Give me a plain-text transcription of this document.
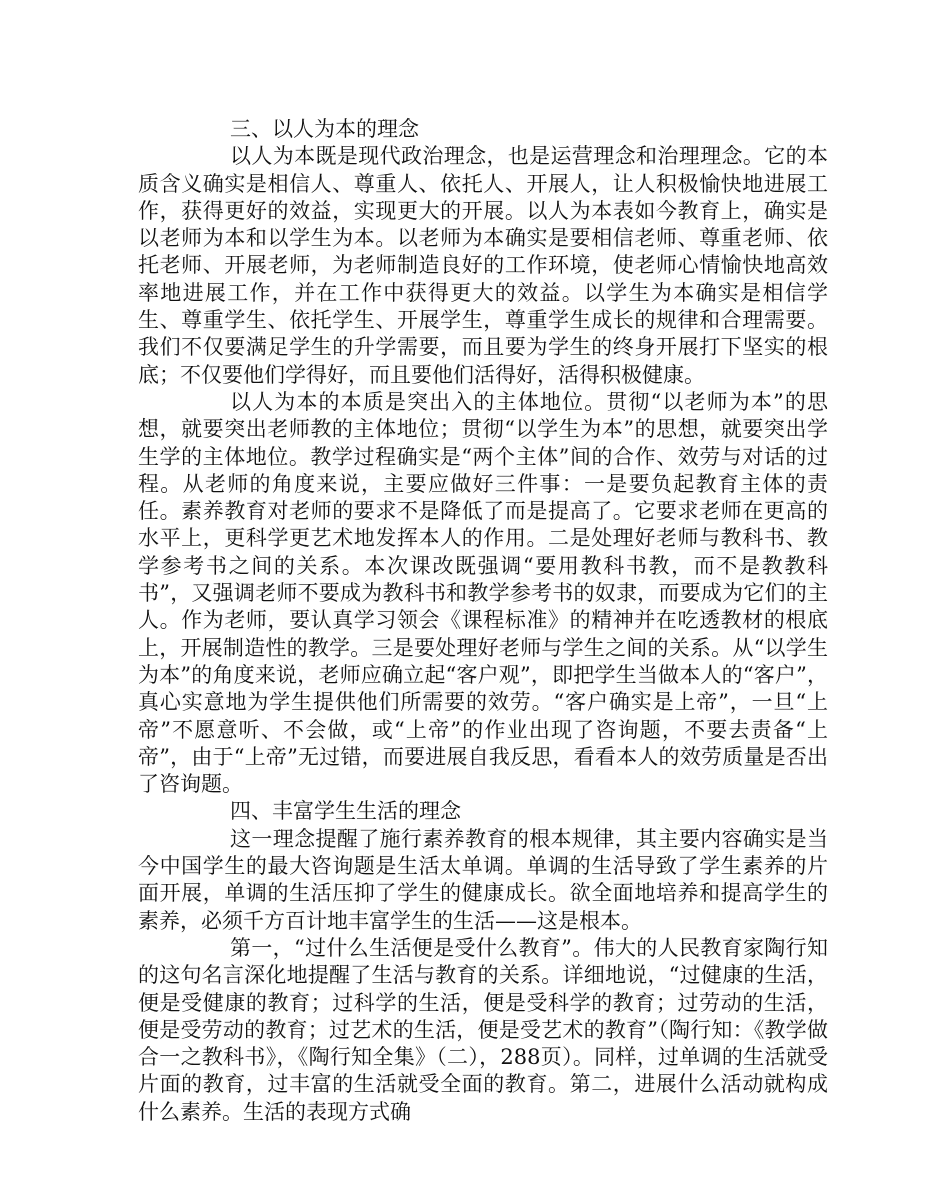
三、以人为本的理念

以人为本既是现代政治理念，也是运营理念和治理理念。它的本质含义确实是相信人、尊重人、依托人、开展人，让人积极愉快地进展工作，获得更好的效益，实现更大的开展。以人为本表如今教育上，确实是以老师为本和以学生为本。以老师为本确实是要相信老师、尊重老师、依托老师、开展老师，为老师制造良好的工作环境，使老师心情愉快地高效率地进展工作，并在工作中获得更大的效益。以学生为本确实是相信学生、尊重学生、依托学生、开展学生，尊重学生成长的规律和合理需要。我们不仅要满足学生的升学需要，而且要为学生的终身开展打下坚实的根底；不仅要他们学得好，而且要他们活得好，活得积极健康。

以人为本的本质是突出入的主体地位。贯彻“以老师为本”的思想，就要突出老师教的主体地位；贯彻“以学生为本”的思想，就要突出学生学的主体地位。教学过程确实是“两个主体”间的合作、效劳与对话的过程。从老师的角度来说，主要应做好三件事：一是要负起教育主体的责任。素养教育对老师的要求不是降低了而是提高了。它要求老师在更高的水平上，更科学更艺术地发挥本人的作用。二是处理好老师与教科书、教学参考书之间的关系。本次课改既强调“要用教科书教，而不是教教科书”，又强调老师不要成为教科书和教学参考书的奴隶，而要成为它们的主人。作为老师，要认真学习领会《课程标准》的精神并在吃透教材的根底上，开展制造性的教学。三是要处理好老师与学生之间的关系。从“以学生为本”的角度来说，老师应确立起“客户观”，即把学生当做本人的“客户”，真心实意地为学生提供他们所需要的效劳。“客户确实是上帝”，一旦“上帝”不愿意听、不会做，或“上帝”的作业出现了咨询题，不要去责备“上帝”，由于“上帝”无过错，而要进展自我反思，看看本人的效劳质量是否出了咨询题。

四、丰富学生生活的理念

这一理念提醒了施行素养教育的根本规律，其主要内容确实是当今中国学生的最大咨询题是生活太单调。单调的生活导致了学生素养的片面开展，单调的生活压抑了学生的健康成长。欲全面地培养和提高学生的素养，必须千方百计地丰富学生的生活——这是根本。

第一，“过什么生活便是受什么教育”。伟大的人民教育家陶行知的这句名言深化地提醒了生活与教育的关系。详细地说，“过健康的生活，便是受健康的教育；过科学的生活，便是受科学的教育；过劳动的生活，便是受劳动的教育；过艺术的生活，便是受艺术的教育”（陶行知：《教学做合一之教科书》，《陶行知全集》（二），288页）。同样，过单调的生活就受片面的教育，过丰富的生活就受全面的教育。第二，进展什么活动就构成什么素养。生活的表现方式确
